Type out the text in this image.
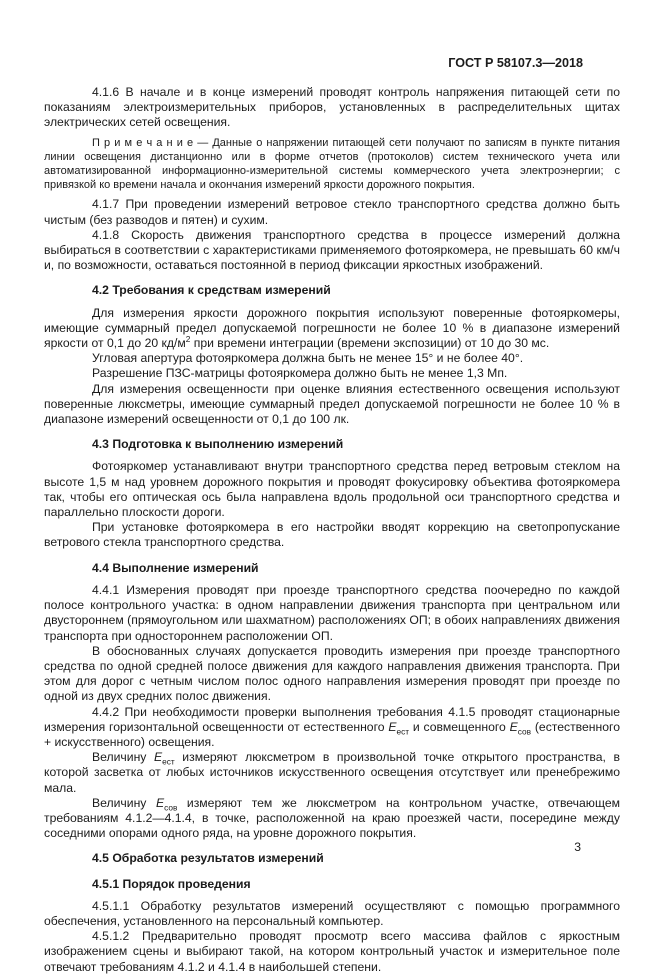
ГОСТ Р 58107.3—2018

4.1.6 В начале и в конце измерений проводят контроль напряжения питающей сети по показаниям электроизмерительных приборов, установленных в распределительных щитах электрических сетей освещения.

П р и м е ч а н и е — Данные о напряжении питающей сети получают по записям в пункте питания линии освещения дистанционно или в форме отчетов (протоколов) систем технического учета или автоматизированной информационно-измерительной системы коммерческого учета электроэнергии; с привязкой ко времени начала и окончания измерений яркости дорожного покрытия.

4.1.7 При проведении измерений ветровое стекло транспортного средства должно быть чистым (без разводов и пятен) и сухим.

4.1.8 Скорость движения транспортного средства в процессе измерений должна выбираться в соответствии с характеристиками применяемого фотояркомера, не превышать 60 км/ч и, по возможности, оставаться постоянной в период фиксации яркостных изображений.

4.2 Требования к средствам измерений

Для измерения яркости дорожного покрытия используют поверенные фотояркомеры, имеющие суммарный предел допускаемой погрешности не более 10 % в диапазоне измерений яркости от 0,1 до 20 $кд/м^2$ при времени интеграции (времени экспозиции) от 10 до 30 мс.

Угловая апертура фотояркомера должна быть не менее 15° и не более 40°.

Разрешение ПЗС-матрицы фотояркомера должно быть не менее 1,3 Мп.

Для измерения освещенности при оценке влияния естественного освещения используют поверенные люксметры, имеющие суммарный предел допускаемой погрешности не более 10 % в диапазоне измерений освещенности от 0,1 до 100 лк.

4.3 Подготовка к выполнению измерений

Фотояркомер устанавливают внутри транспортного средства перед ветровым стеклом на высоте 1,5 м над уровнем дорожного покрытия и проводят фокусировку объектива фотояркомера так, чтобы его оптическая ось была направлена вдоль продольной оси транспортного средства и параллельно плоскости дороги.

При установке фотояркомера в его настройки вводят коррекцию на светопропускание ветрового стекла транспортного средства.

4.4 Выполнение измерений

4.4.1 Измерения проводят при проезде транспортного средства поочередно по каждой полосе контрольного участка: в одном направлении движения транспорта при центральном или двустороннем (прямоугольном или шахматном) расположениях ОП; в обоих направлениях движения транспорта при одностороннем расположении ОП.

В обоснованных случаях допускается проводить измерения при проезде транспортного средства по одной средней полосе движения для каждого направления движения транспорта. При этом для дорог с четным числом полос одного направления измерения проводят при проезде по одной из двух средних полос движения.

4.4.2 При необходимости проверки выполнения требования 4.1.5 проводят стационарные измерения горизонтальной освещенности от естественного $E_{ест}$ и совмещенного $E_{сов}$ (естественного + искусственного) освещения.

Величину $E_{ест}$ измеряют люксметром в произвольной точке открытого пространства, в которой засветка от любых источников искусственного освещения отсутствует или пренебрежимо мала.

Величину $E_{сов}$ измеряют тем же люксметром на контрольном участке, отвечающем требованиям 4.1.2—4.1.4, в точке, расположенной на краю проезжей части, посередине между соседними опорами одного ряда, на уровне дорожного покрытия.

4.5 Обработка результатов измерений

4.5.1 Порядок проведения

4.5.1.1 Обработку результатов измерений осуществляют с помощью программного обеспечения, установленного на персональный компьютер.

4.5.1.2 Предварительно проводят просмотр всего массива файлов с яркостным изображением сцены и выбирают такой, на котором контрольный участок и измерительное поле отвечают требованиям 4.1.2 и 4.1.4 в наибольшей степени.

3
